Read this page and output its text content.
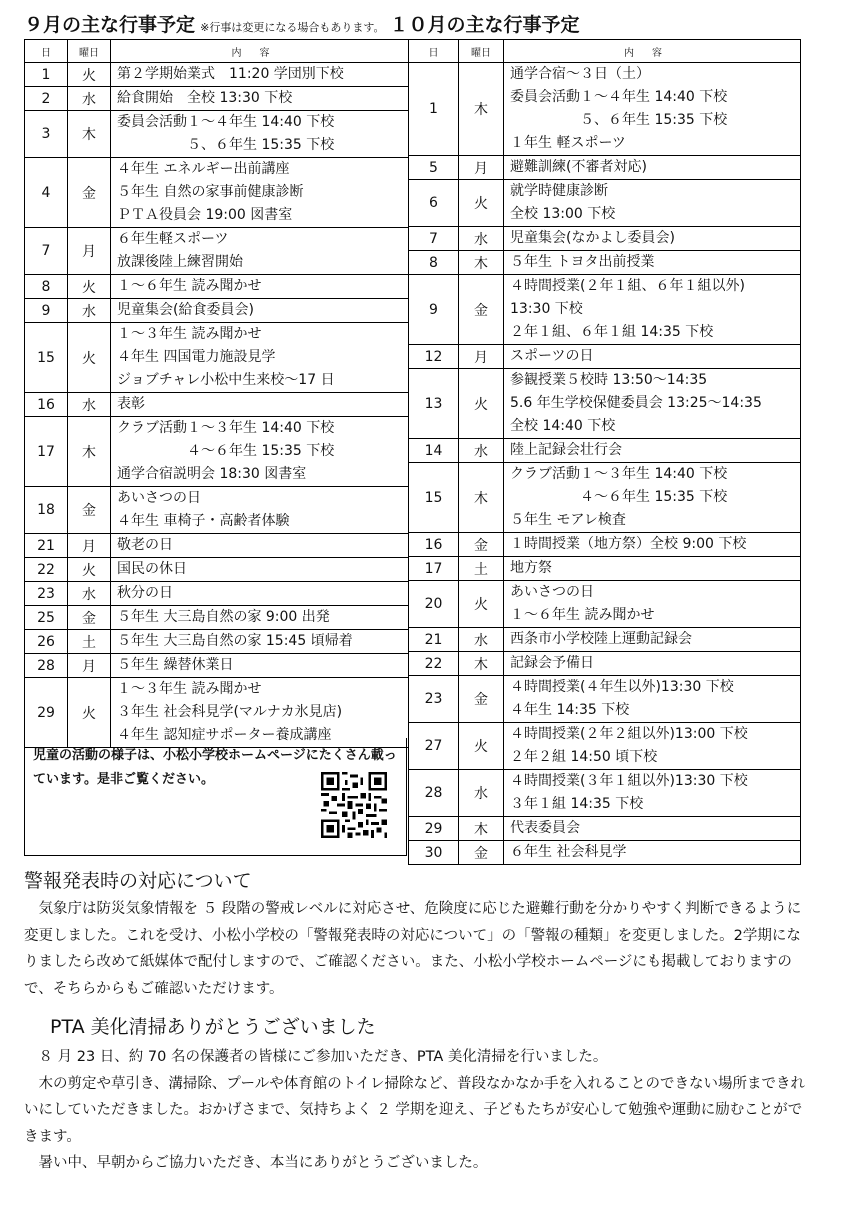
９月の主な行事予定 ※行事は変更になる場合もあります。 １０月の主な行事予定
日	曜日	内容
1	火	第２学期始業式　11:20 学団別下校

2	水	給食開始　全校 13:30 下校

3	木	委員会活動１～４年生 14:40 下校
　　　　　５、６年生 15:35 下校

4	金	４年生 エネルギー出前講座
５年生 自然の家事前健康診断
ＰＴＡ役員会 19:00 図書室

7	月	６年生軽スポーツ
放課後陸上練習開始

8	火	１～６年生 読み聞かせ

9	水	児童集会(給食委員会)

15	火	１～３年生 読み聞かせ
４年生 四国電力施設見学
ジョブチャレ小松中生来校～17 日

16	水	表彰

17	木	クラブ活動１～３年生 14:40 下校
　　　　　４～６年生 15:35 下校
通学合宿説明会 18:30 図書室

18	金	あいさつの日
４年生 車椅子・高齢者体験

21	月	敬老の日

22	火	国民の休日

23	水	秋分の日

25	金	５年生 大三島自然の家 9:00 出発

26	土	５年生 大三島自然の家 15:45 頃帰着

28	月	５年生 繰替休業日

29	火	１～３年生 読み聞かせ
３年生 社会科見学(マルナカ氷見店)
４年生 認知症サポーター養成講座
日	曜日	内容
1	木	通学合宿～３日（土）
委員会活動１～４年生 14:40 下校
　　　　　５、６年生 15:35 下校
１年生 軽スポーツ

5	月	避難訓練(不審者対応)

6	火	就学時健康診断
全校 13:00 下校

7	水	児童集会(なかよし委員会)

8	木	５年生 トヨタ出前授業

9	金	４時間授業(２年１組、６年１組以外)
13:30 下校
２年１組、６年１組 14:35 下校

12	月	スポーツの日

13	火	参観授業５校時 13:50～14:35
5.6 年生学校保健委員会 13:25～14:35
全校 14:40 下校

14	水	陸上記録会壮行会

15	木	クラブ活動１～３年生 14:40 下校
　　　　　４～６年生 15:35 下校
５年生 モアレ検査

16	金	１時間授業（地方祭）全校 9:00 下校

17	土	地方祭

20	火	あいさつの日
１～６年生 読み聞かせ

21	水	西条市小学校陸上運動記録会

22	木	記録会予備日

23	金	４時間授業(４年生以外)13:30 下校
４年生 14:35 下校

27	火	４時間授業(２年２組以外)13:00 下校
２年２組 14:50 頃下校

28	水	４時間授業(３年１組以外)13:30 下校
３年１組 14:35 下校

29	木	代表委員会

30	金	６年生 社会科見学
児童の活動の様子は、小松小学校ホームページにたくさん載っています。是非ご覧ください。
警報発表時の対応について

　気象庁は防災気象情報を ５ 段階の警戒レベルに対応させ、危険度に応じた避難行動を分かりやすく判断できるように変更しました。これを受け、小松小学校の「警報発表時の対応について」の「警報の種類」を変更しました。2学期になりましたら改めて紙媒体で配付しますので、ご確認ください。また、小松小学校ホームページにも掲載しておりますので、そちらからもご確認いただけます。

PTA 美化清掃ありがとうございました

　８ 月 23 日、約 70 名の保護者の皆様にご参加いただき、PTA 美化清掃を行いました。

　木の剪定や草引き、溝掃除、プールや体育館のトイレ掃除など、普段なかなか手を入れることのできない場所まできれいにしていただきました。おかげさまで、気持ちよく ２ 学期を迎え、子どもたちが安心して勉強や運動に励むことができます。

　暑い中、早朝からご協力いただき、本当にありがとうございました。
